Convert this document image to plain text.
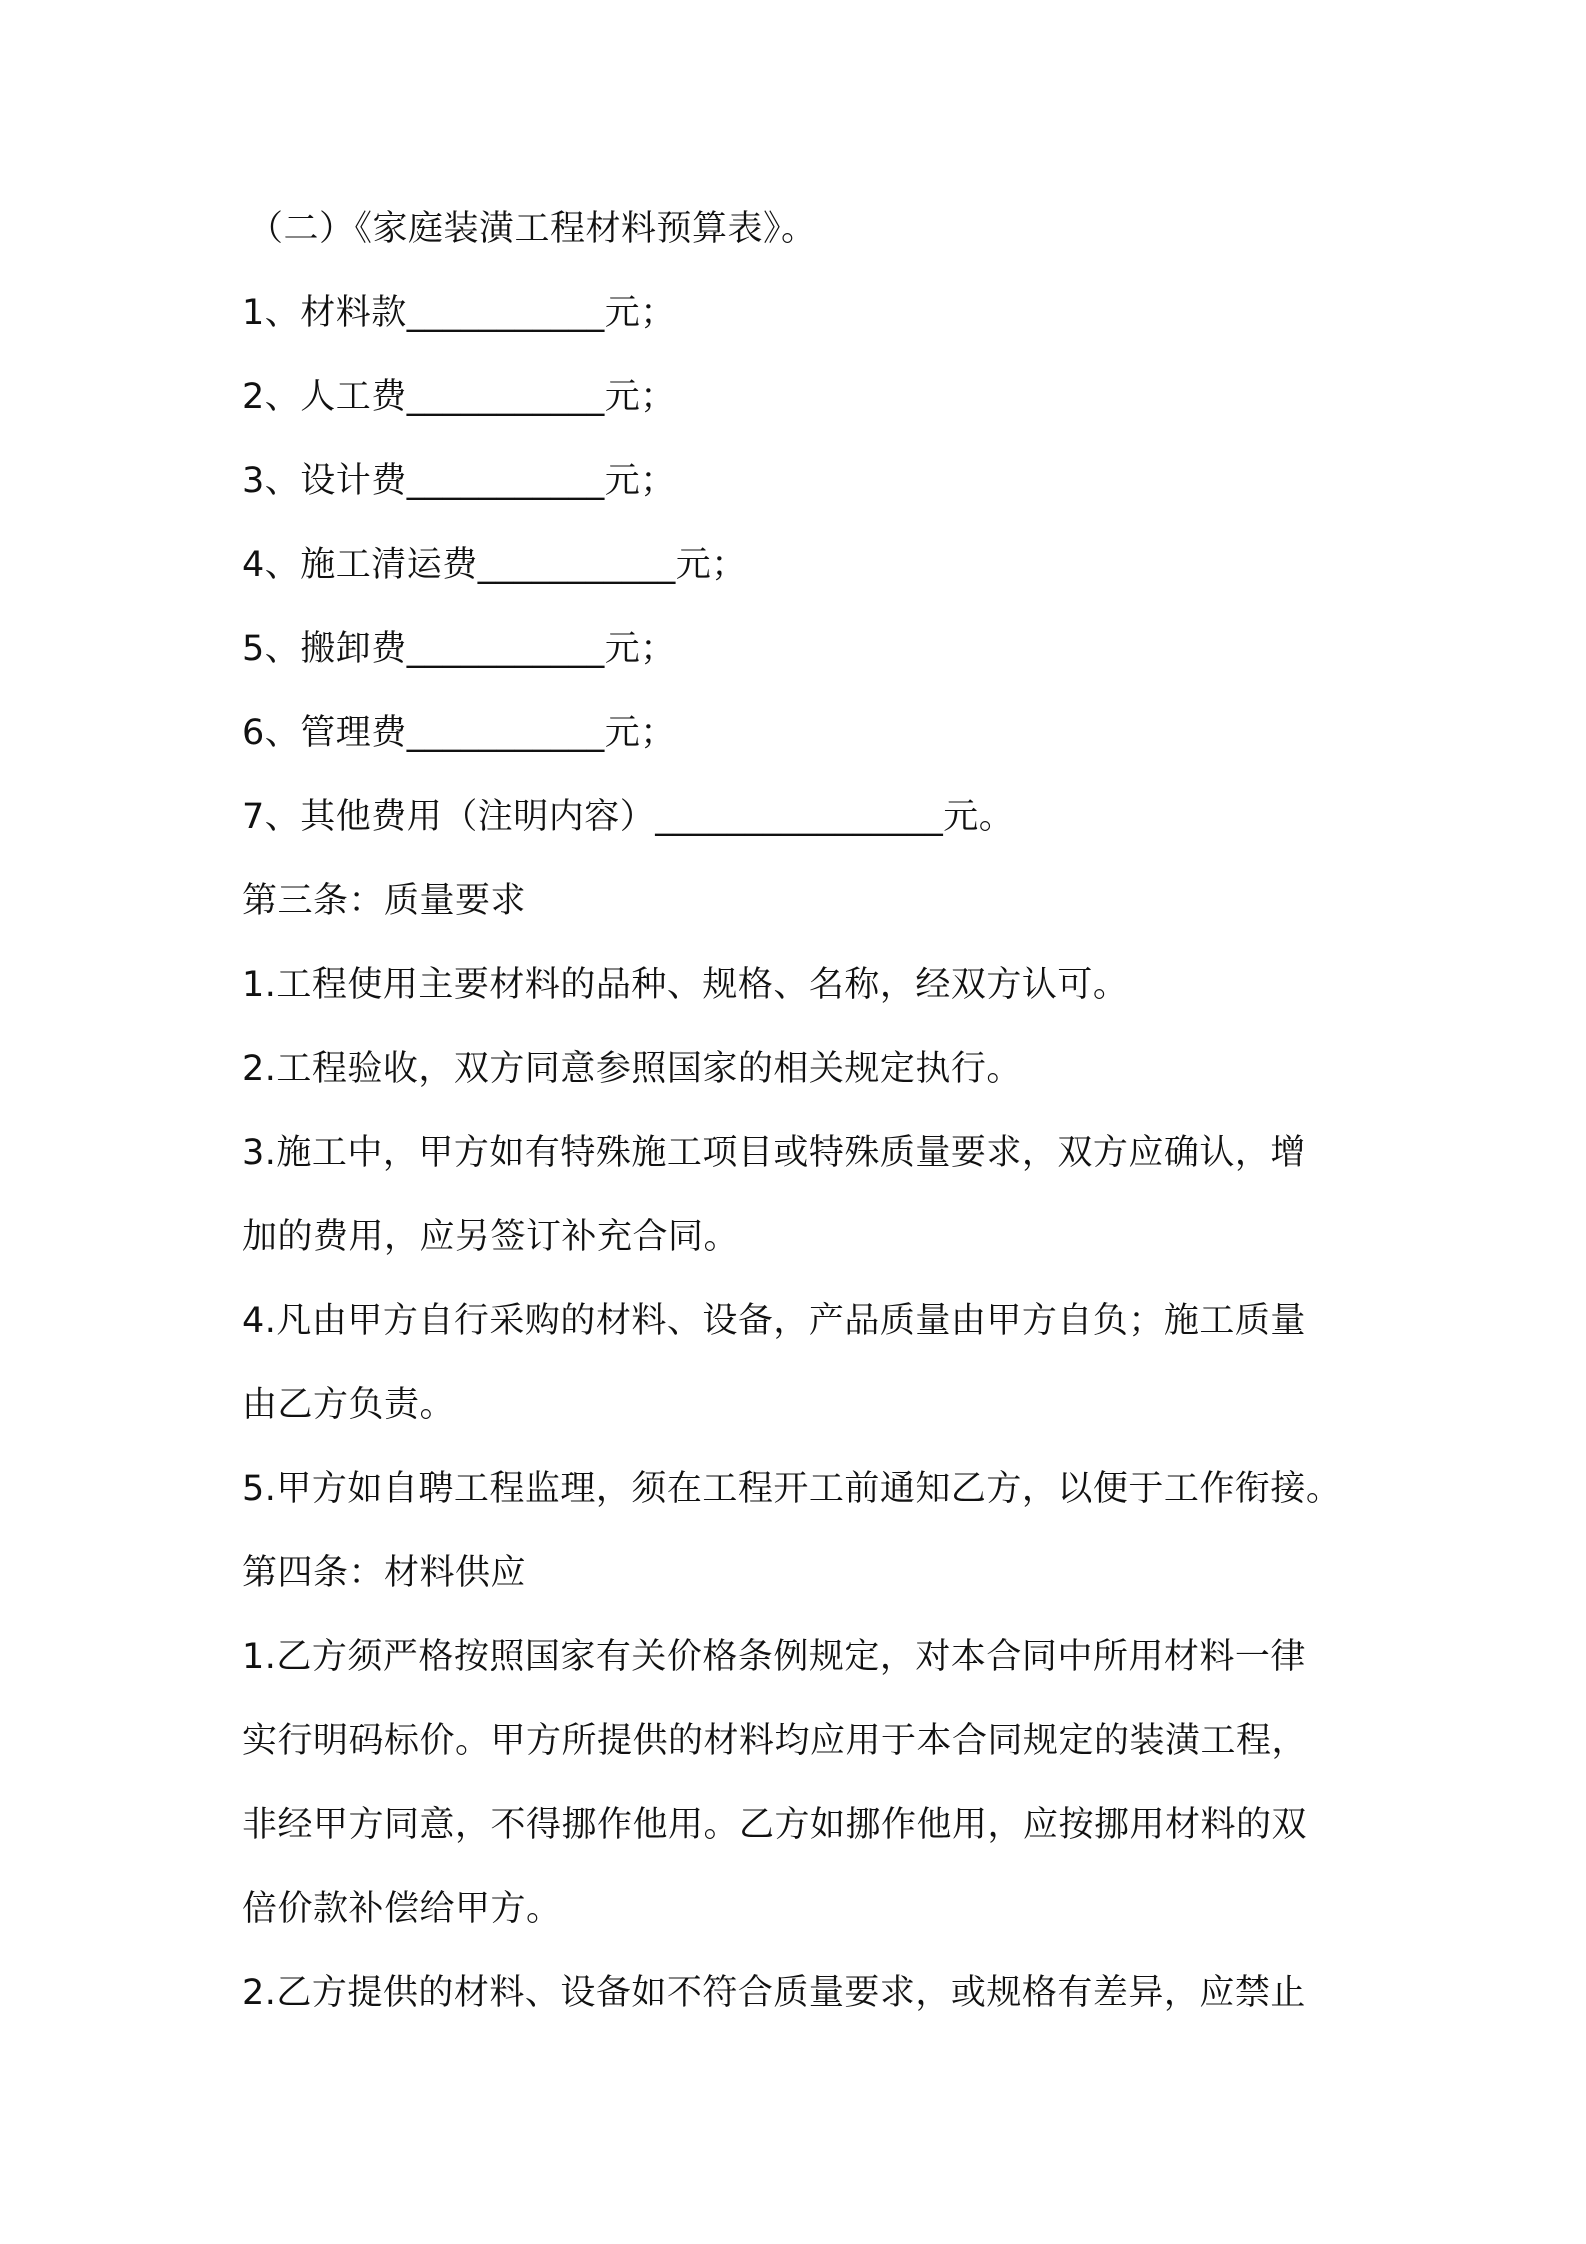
（二）《家庭装潢工程材料预算表》。
1、材料款___________元；
2、人工费___________元；
3、设计费___________元；
4、施工清运费___________元；
5、搬卸费___________元；
6、管理费___________元；
7、其他费用（注明内容）________________元。
第三条：质量要求
1.工程使用主要材料的品种、规格、名称，经双方认可。
2.工程验收，双方同意参照国家的相关规定执行。
3.施工中，甲方如有特殊施工项目或特殊质量要求，双方应确认，增
加的费用，应另签订补充合同。
4.凡由甲方自行采购的材料、设备，产品质量由甲方自负；施工质量
由乙方负责。
5.甲方如自聘工程监理，须在工程开工前通知乙方，以便于工作衔接。
第四条：材料供应
1.乙方须严格按照国家有关价格条例规定，对本合同中所用材料一律
实行明码标价。甲方所提供的材料均应用于本合同规定的装潢工程，
非经甲方同意，不得挪作他用。乙方如挪作他用，应按挪用材料的双
倍价款补偿给甲方。
2.乙方提供的材料、设备如不符合质量要求，或规格有差异，应禁止
